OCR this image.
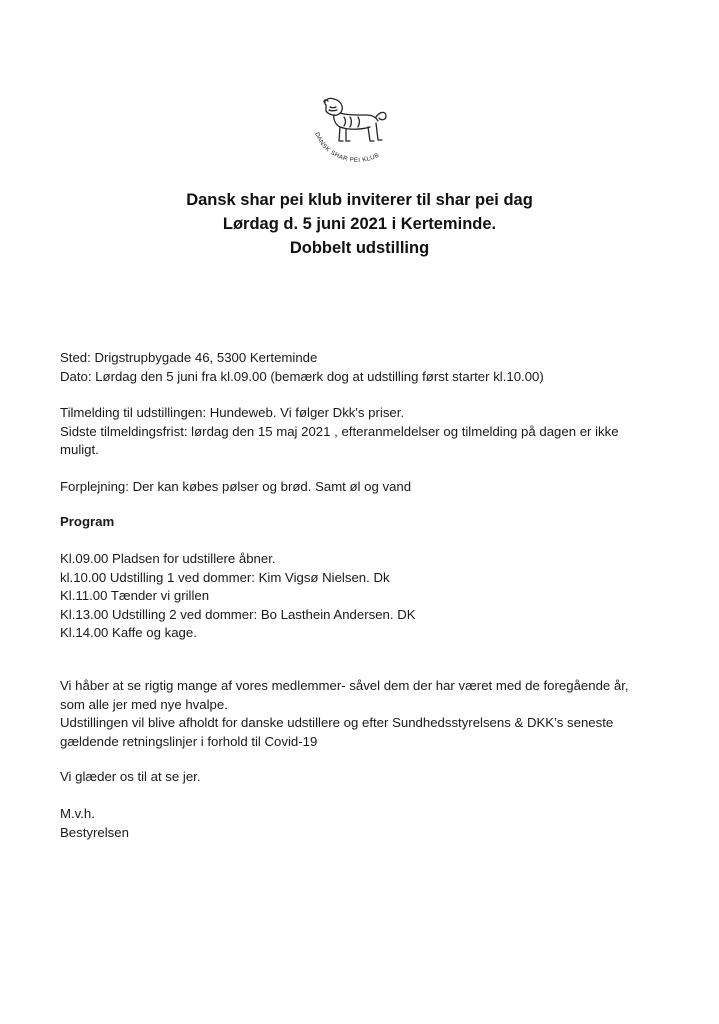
DANSK SHAR PEI KLUB
Dansk shar pei klub inviterer til shar pei dag
Lørdag d. 5 juni 2021 i Kerteminde.
Dobbelt udstilling
Sted: Drigstrupbygade 46, 5300 Kerteminde
Dato: Lørdag den 5 juni fra kl.09.00 (bemærk dog at udstilling først starter kl.10.00)
Tilmelding til udstillingen: Hundeweb. Vi følger Dkk's priser.
Sidste tilmeldingsfrist: lørdag den 15 maj 2021 , efteranmeldelser og tilmelding på dagen er ikke
muligt.
Forplejning: Der kan købes pølser og brød. Samt øl og vand
Program
Kl.09.00 Pladsen for udstillere åbner.
kl.10.00 Udstilling 1 ved dommer: Kim Vigsø Nielsen. Dk
Kl.11.00 Tænder vi grillen
Kl.13.00 Udstilling 2 ved dommer: Bo Lasthein Andersen. DK
Kl.14.00 Kaffe og kage.
Vi håber at se rigtig mange af vores medlemmer- såvel dem der har været med de foregående år,
som alle jer med nye hvalpe.
Udstillingen vil blive afholdt for danske udstillere og efter Sundhedsstyrelsens & DKK’s seneste
gældende retningslinjer i forhold til Covid-19
Vi glæder os til at se jer.
M.v.h.
Bestyrelsen
